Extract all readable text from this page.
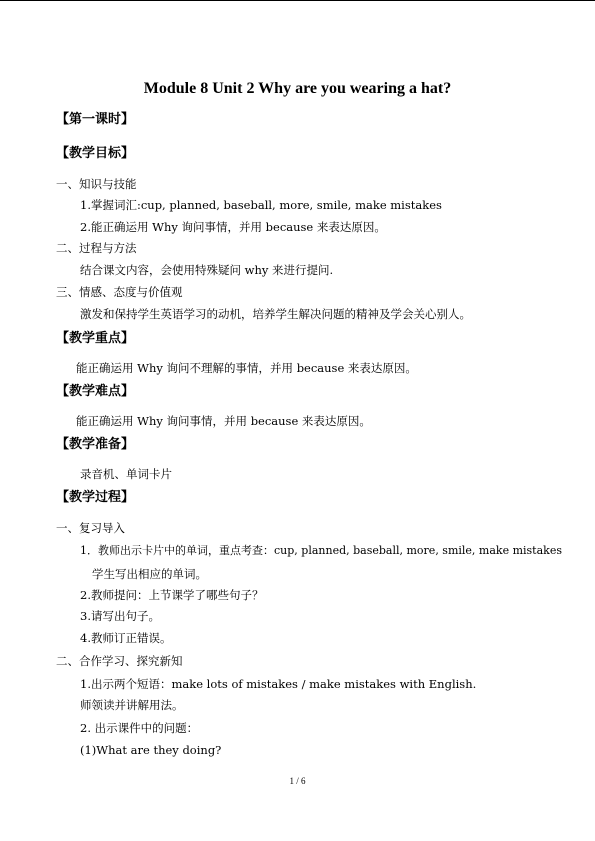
Module 8 Unit 2 Why are you wearing a hat?
【第一课时】
【教学目标】
一、知识与技能
1.掌握词汇:cup, planned, baseball, more, smile, make mistakes
2.能正确运用 Why 询问事情，并用 because 来表达原因。
二、过程与方法
结合课文内容，会使用特殊疑问 why 来进行提问.
三、情感、态度与价值观
激发和保持学生英语学习的动机，培养学生解决问题的精神及学会关心别人。
【教学重点】
能正确运用 Why 询问不理解的事情，并用 because 来表达原因。
【教学难点】
能正确运用 Why 询问事情，并用 because 来表达原因。
【教学准备】
录音机、单词卡片
【教学过程】
一、复习导入
1．教师出示卡片中的单词，重点考查：cup, planned, baseball, more, smile, make mistakes
学生写出相应的单词。
2.教师提问：上节课学了哪些句子？
3.请写出句子。
4.教师订正错误。
二、合作学习、探究新知
1.出示两个短语：make lots of mistakes / make mistakes with English.
师领读并讲解用法。
2. 出示课件中的问题：
(1)What are they doing?
1 / 6
